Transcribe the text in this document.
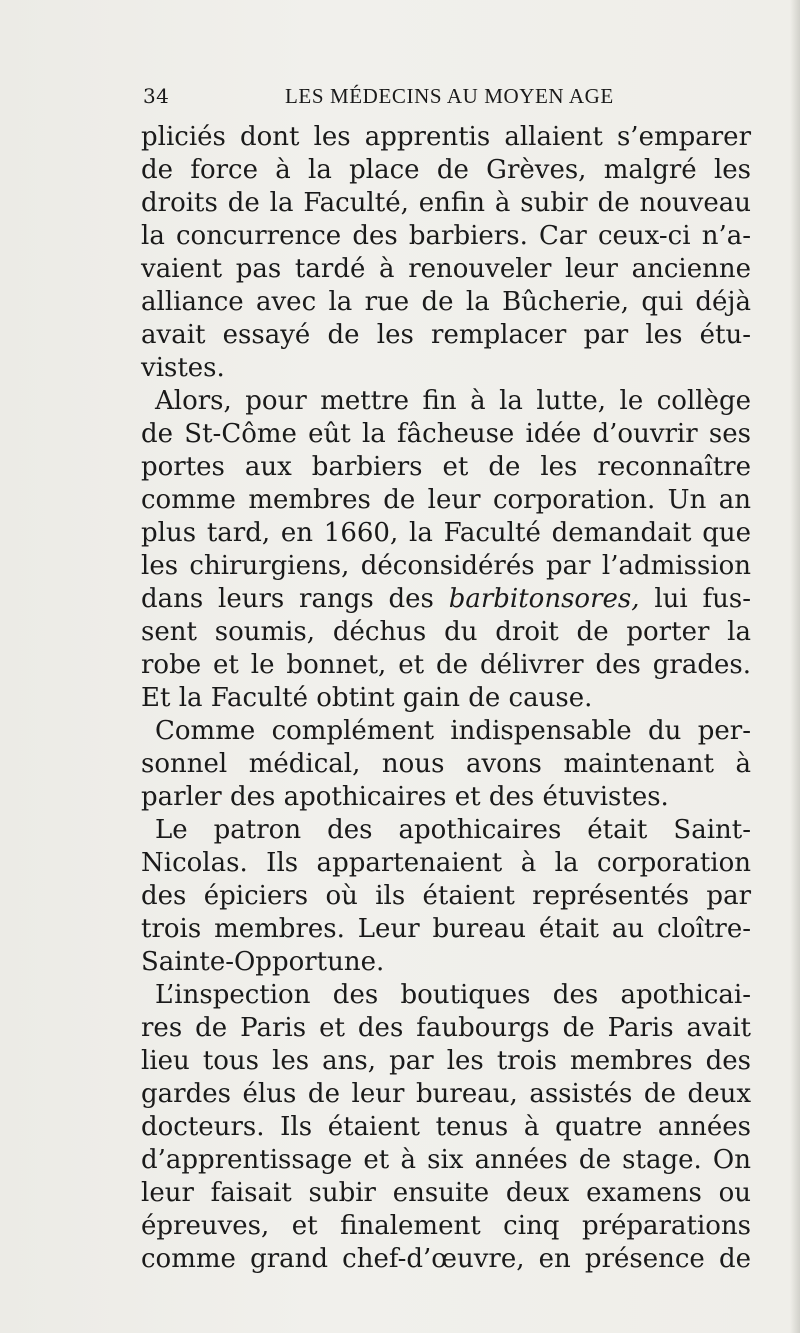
34	LES MÉDECINS AU MOYEN AGE
pliciés dont les apprentis allaient s’emparer
de force à la place de Grèves, malgré les
droits de la Faculté, enfin à subir de nouveau
la concurrence des barbiers. Car ceux-ci n’a-
vaient pas tardé à renouveler leur ancienne
alliance avec la rue de la Bûcherie, qui déjà
avait essayé de les remplacer par les étu-
vistes.
Alors, pour mettre fin à la lutte, le collège
de St-Côme eût la fâcheuse idée d’ouvrir ses
portes aux barbiers et de les reconnaître
comme membres de leur corporation. Un an
plus tard, en 1660, la Faculté demandait que
les chirurgiens, déconsidérés par l’admission
dans leurs rangs des barbitonsores, lui fus-
sent soumis, déchus du droit de porter la
robe et le bonnet, et de délivrer des grades.
Et la Faculté obtint gain de cause.
Comme complément indispensable du per-
sonnel médical, nous avons maintenant à
parler des apothicaires et des étuvistes.
Le patron des apothicaires était Saint-
Nicolas. Ils appartenaient à la corporation
des épiciers où ils étaient représentés par
trois membres. Leur bureau était au cloître-
Sainte-Opportune.
L’inspection des boutiques des apothicai-
res de Paris et des faubourgs de Paris avait
lieu tous les ans, par les trois membres des
gardes élus de leur bureau, assistés de deux
docteurs. Ils étaient tenus à quatre années
d’apprentissage et à six années de stage. On
leur faisait subir ensuite deux examens ou
épreuves, et finalement cinq préparations
comme grand chef-d’œuvre, en présence de
